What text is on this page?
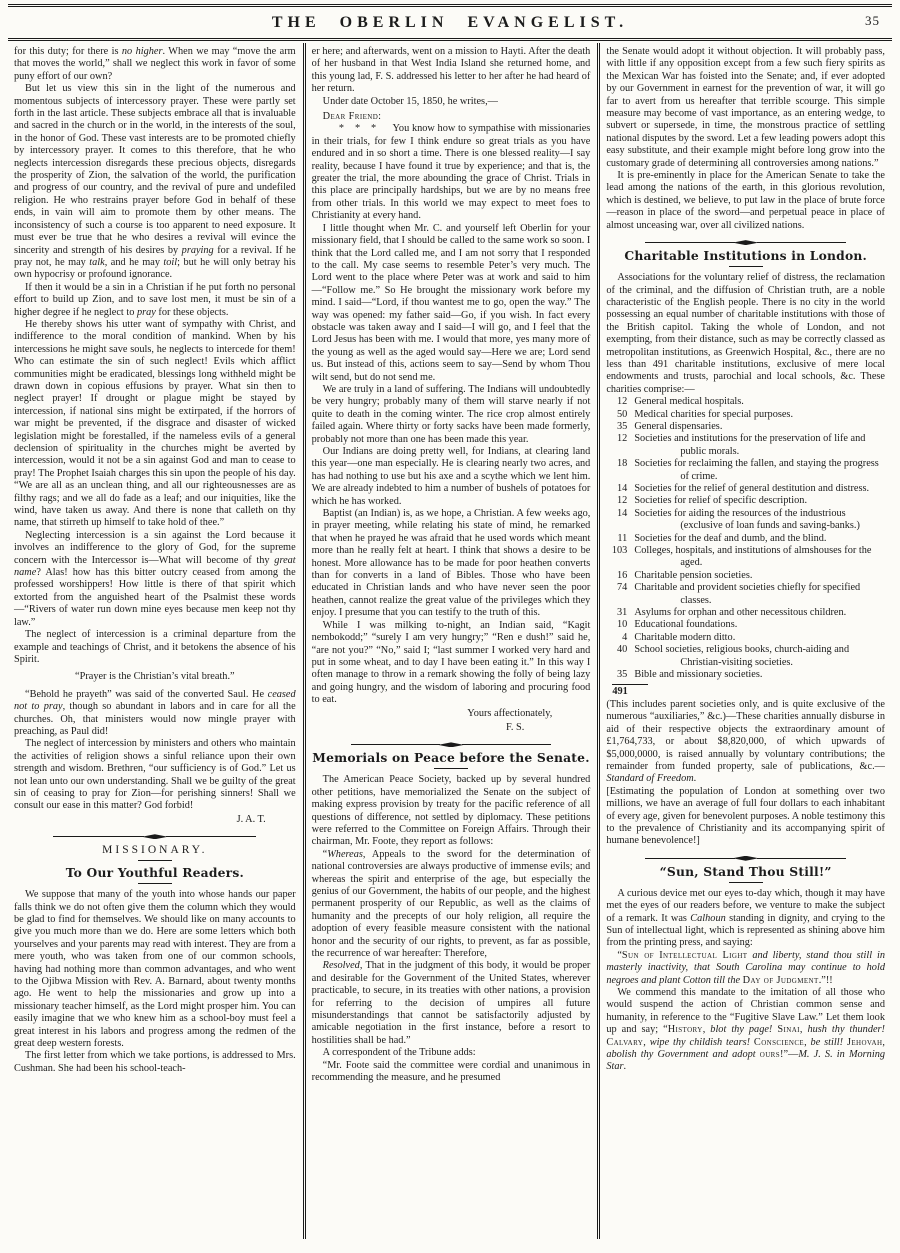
THE OBERLIN EVANGELIST.	35

for this duty; for there is no higher. When we may “move the arm that moves the world,” shall we neglect this work in favor of some puny effort of our own?

But let us view this sin in the light of the numerous and momentous subjects of intercessory prayer. These were partly set forth in the last article. These subjects embrace all that is invaluable and sacred in the church or in the world, in the interests of the soul, in the honor of God. These vast interests are to be promoted chiefly by intercessory prayer. It comes to this therefore, that he who neglects intercession disregards these precious objects, disregards the prosperity of Zion, the salvation of the world, the purification and progress of our country, and the revival of pure and undefiled religion. He who restrains prayer before God in behalf of these ends, in vain will aim to promote them by other means. The inconsistency of such a course is too apparent to need exposure. It must ever be true that he who desires a revival will evince the sincerity and strength of his desires by praying for a revival. If he pray not, he may talk, and he may toil; but he will only betray his own hypocrisy or profound ignorance.

If then it would be a sin in a Christian if he put forth no personal effort to build up Zion, and to save lost men, it must be sin of a higher degree if he neglect to pray for these objects.

He thereby shows his utter want of sympathy with Christ, and indifference to the moral condition of mankind. When by his intercessions he might save souls, he neglects to intercede for them! Who can estimate the sin of such neglect! Evils which afflict communities might be eradicated, blessings long withheld might be drawn down in copious effusions by prayer. What sin then to neglect prayer! If drought or plague might be stayed by intercession, if national sins might be extirpated, if the horrors of war might be prevented, if the disgrace and disaster of wicked legislation might be forestalled, if the nameless evils of a general declension of spirituality in the churches might be averted by intercession, would it not be a sin against God and man to cease to pray! The Prophet Isaiah charges this sin upon the people of his day. “We are all as an unclean thing, and all our righteousnesses are as filthy rags; and we all do fade as a leaf; and our iniquities, like the wind, have taken us away. And there is none that calleth on thy name, that stirreth up himself to take hold of thee.”

Neglecting intercession is a sin against the Lord because it involves an indifference to the glory of God, for the supreme concern with the Intercessor is—What will become of thy great name? Alas! how has this bitter outcry ceased from among the professed worshippers! How little is there of that spirit which extorted from the anguished heart of the Psalmist these words—“Rivers of water run down mine eyes because men keep not thy law.”

The neglect of intercession is a criminal departure from the example and teachings of Christ, and it betokens the absence of his Spirit.

“Prayer is the Christian’s vital breath.”

“Behold he prayeth” was said of the converted Saul. He ceased not to pray, though so abundant in labors and in care for all the churches. Oh, that ministers would now mingle prayer with preaching, as Paul did!

The neglect of intercession by ministers and others who maintain the activities of religion shows a sinful reliance upon their own strength and wisdom. Brethren, “our sufficiency is of God.” Let us not lean unto our own understanding. Shall we be guilty of the great sin of ceasing to pray for Zion—for perishing sinners! Shall we consult our ease in this matter? God forbid!

J. A. T.

MISSIONARY.
To Our Youthful Readers.

We suppose that many of the youth into whose hands our paper falls think we do not often give them the column which they would be glad to find for themselves. We should like on many accounts to give you much more than we do. Here are some letters which both yourselves and your parents may read with interest. They are from a mere youth, who was taken from one of our common schools, having had nothing more than common advantages, and who went to the Ojibwa Mission with Rev. A. Barnard, about twenty months ago. He went to help the missionaries and grow up into a missionary teacher himself, as the Lord might prosper him. You can easily imagine that we who knew him as a school-boy must feel a great interest in his labors and progress among the redmen of the great deep western forests.

The first letter from which we take portions, is addressed to Mrs. Cushman. She had been his school-teach-

er here; and afterwards, went on a mission to Hayti. After the death of her husband in that West India Island she returned home, and this young lad, F. S. addressed his letter to her after he had heard of her return.

Under date October 15, 1850, he writes,—

Dear Friend:

*    *    *      You know how to sympathise with missionaries in their trials, for few I think endure so great trials as you have endured and in so short a time. There is one blessed reality—I say reality, because I have found it true by experience; and that is, the greater the trial, the more abounding the grace of Christ. Trials in this place are principally hardships, but we are by no means free from other trials. In this world we may expect to meet foes to Christianity at every hand.

I little thought when Mr. C. and yourself left Oberlin for your missionary field, that I should be called to the same work so soon. I think that the Lord called me, and I am not sorry that I responded to the call. My case seems to resemble Peter’s very much. The Lord went to the place where Peter was at work and said to him—“Follow me.” So He brought the missionary work before my mind. I said—“Lord, if thou wantest me to go, open the way.” The way was opened: my father said—Go, if you wish. In fact every obstacle was taken away and I said—I will go, and I feel that the Lord Jesus has been with me. I would that more, yes many more of the young as well as the aged would say—Here we are; Lord send us. But instead of this, actions seem to say—Send by whom Thou wilt send, but do not send me.

We are truly in a land of suffering. The Indians will undoubtedly be very hungry; probably many of them will starve nearly if not quite to death in the coming winter. The rice crop almost entirely failed again. Where thirty or forty sacks have been made formerly, probably not more than one has been made this year.

Our Indians are doing pretty well, for Indians, at clearing land this year—one man especially. He is clearing nearly two acres, and has had nothing to use but his axe and a scythe which we lent him. We are already indebted to him a number of bushels of potatoes for which he has worked.

Baptist (an Indian) is, as we hope, a Christian. A few weeks ago, in prayer meeting, while relating his state of mind, he remarked that when he prayed he was afraid that he used words which meant more than he really felt at heart. I think that shows a desire to be honest. More allowance has to be made for poor heathen converts than for converts in a land of Bibles. Those who have been educated in Christian lands and who have never seen the poor heathen, cannot realize the great value of the privileges which they enjoy. I presume that you can testify to the truth of this.

While I was milking to-night, an Indian said, “Kagit nembokodd;” “surely I am very hungry;” “Ren e dush!” said he, “are not you?” “No,” said I; “last summer I worked very hard and put in some wheat, and to day I have been eating it.” In this way I often manage to throw in a remark showing the folly of being lazy and going hungry, and the wisdom of laboring and procuring food to eat.

Yours affectionately,

F. S.

Memorials on Peace before the Senate.

The American Peace Society, backed up by several hundred other petitions, have memorialized the Senate on the subject of making express provision by treaty for the pacific reference of all questions of difference, not settled by diplomacy. These petitions were referred to the Committee on Foreign Affairs. Through their chairman, Mr. Foote, they report as follows:

“Whereas, Appeals to the sword for the determination of national controversies are always productive of immense evils; and whereas the spirit and enterprise of the age, but especially the genius of our Government, the habits of our people, and the highest permanent prosperity of our Republic, as well as the claims of humanity and the precepts of our holy religion, all require the adoption of every feasible measure consistent with the national honor and the security of our rights, to prevent, as far as possible, the recurrence of war hereafter: Therefore,

Resolved, That in the judgment of this body, it would be proper and desirable for the Government of the United States, wherever practicable, to secure, in its treaties with other nations, a provision for referring to the decision of umpires all future misunderstandings that cannot be satisfactorily adjusted by amicable negotiation in the first instance, before a resort to hostilities shall be had.”

A correspondent of the Tribune adds:

“Mr. Foote said the committee were cordial and unanimous in recommending the measure, and he presumed

the Senate would adopt it without objection. It will probably pass, with little if any opposition except from a few such fiery spirits as the Mexican War has foisted into the Senate; and, if ever adopted by our Government in earnest for the prevention of war, it will go far to avert from us hereafter that terrible scourge. This simple measure may become of vast importance, as an entering wedge, to subvert or supersede, in time, the monstrous practice of settling national disputes by the sword. Let a few leading powers adopt this easy substitute, and their example might before long grow into the customary grade of determining all controversies among nations.”

It is pre-eminently in place for the American Senate to take the lead among the nations of the earth, in this glorious revolution, which is destined, we believe, to put law in the place of brute force—reason in place of the sword—and perpetual peace in place of almost unceasing war, over all civilized nations.

Charitable Institutions in London.

Associations for the voluntary relief of distress, the reclamation of the criminal, and the diffusion of Christian truth, are a noble characteristic of the English people. There is no city in the world possessing an equal number of charitable institutions with those of the British capitol. Taking the whole of London, and not exempting, from their distance, such as may be correctly classed as metropolitan institutions, as Greenwich Hospital, &c., there are no less than 491 charitable institutions, exclusive of mere local endowments and trusts, parochial and local schools, &c. These charities comprise:—

12 General medical hospitals.
50 Medical charities for special purposes.
35 General dispensaries.
12 Societies and institutions for the preservation of life and public morals.
18 Societies for reclaiming the fallen, and staying the progress of crime.
14 Societies for the relief of general destitution and distress.
12 Societies for relief of specific description.
14 Societies for aiding the resources of the industrious (exclusive of loan funds and saving-banks.)
11 Societies for the deaf and dumb, and the blind.
103 Colleges, hospitals, and institutions of almshouses for the aged.
16 Charitable pension societies.
74 Charitable and provident societies chiefly for specified classes.
31 Asylums for orphan and other necessitous children.
10 Educational foundations.
4 Charitable modern ditto.
40 School societies, religious books, church-aiding and Christian-visiting societies.
35 Bible and missionary societies.
491

(This includes parent societies only, and is quite exclusive of the numerous “auxiliaries,” &c.)—These charities annually disburse in aid of their respective objects the extraordinary amount of £1,764,733, or about $8,820,000, of which upwards of $5,000,0000, is raised annually by voluntary contributions; the remainder from funded property, sale of publications, &c.—Standard of Freedom.

[Estimating the population of London at something over two millions, we have an average of full four dollars to each inhabitant of every age, given for benevolent purposes. A noble testimony this to the prevalence of Christianity and its accompanying spirit of humane benevolence!]

“Sun, Stand Thou Still!”

A curious device met our eyes to-day which, though it may have met the eyes of our readers before, we venture to make the subject of a remark. It was Calhoun standing in dignity, and crying to the Sun of intellectual light, which is represented as shining above him from the printing press, and saying:

“Sun of Intellectual Light and liberty, stand thou still in masterly inactivity, that South Carolina may continue to hold negroes and plant Cotton till the Day of Judgment.”!!

We commend this mandate to the imitation of all those who would suspend the action of Christian common sense and humanity, in reference to the “Fugitive Slave Law.” Let them look up and say; “History, blot thy page! Sinai, hush thy thunder! Calvary, wipe thy childish tears! Conscience, be still! Jehovah, abolish thy Government and adopt ours!”—M. J. S. in Morning Star.
